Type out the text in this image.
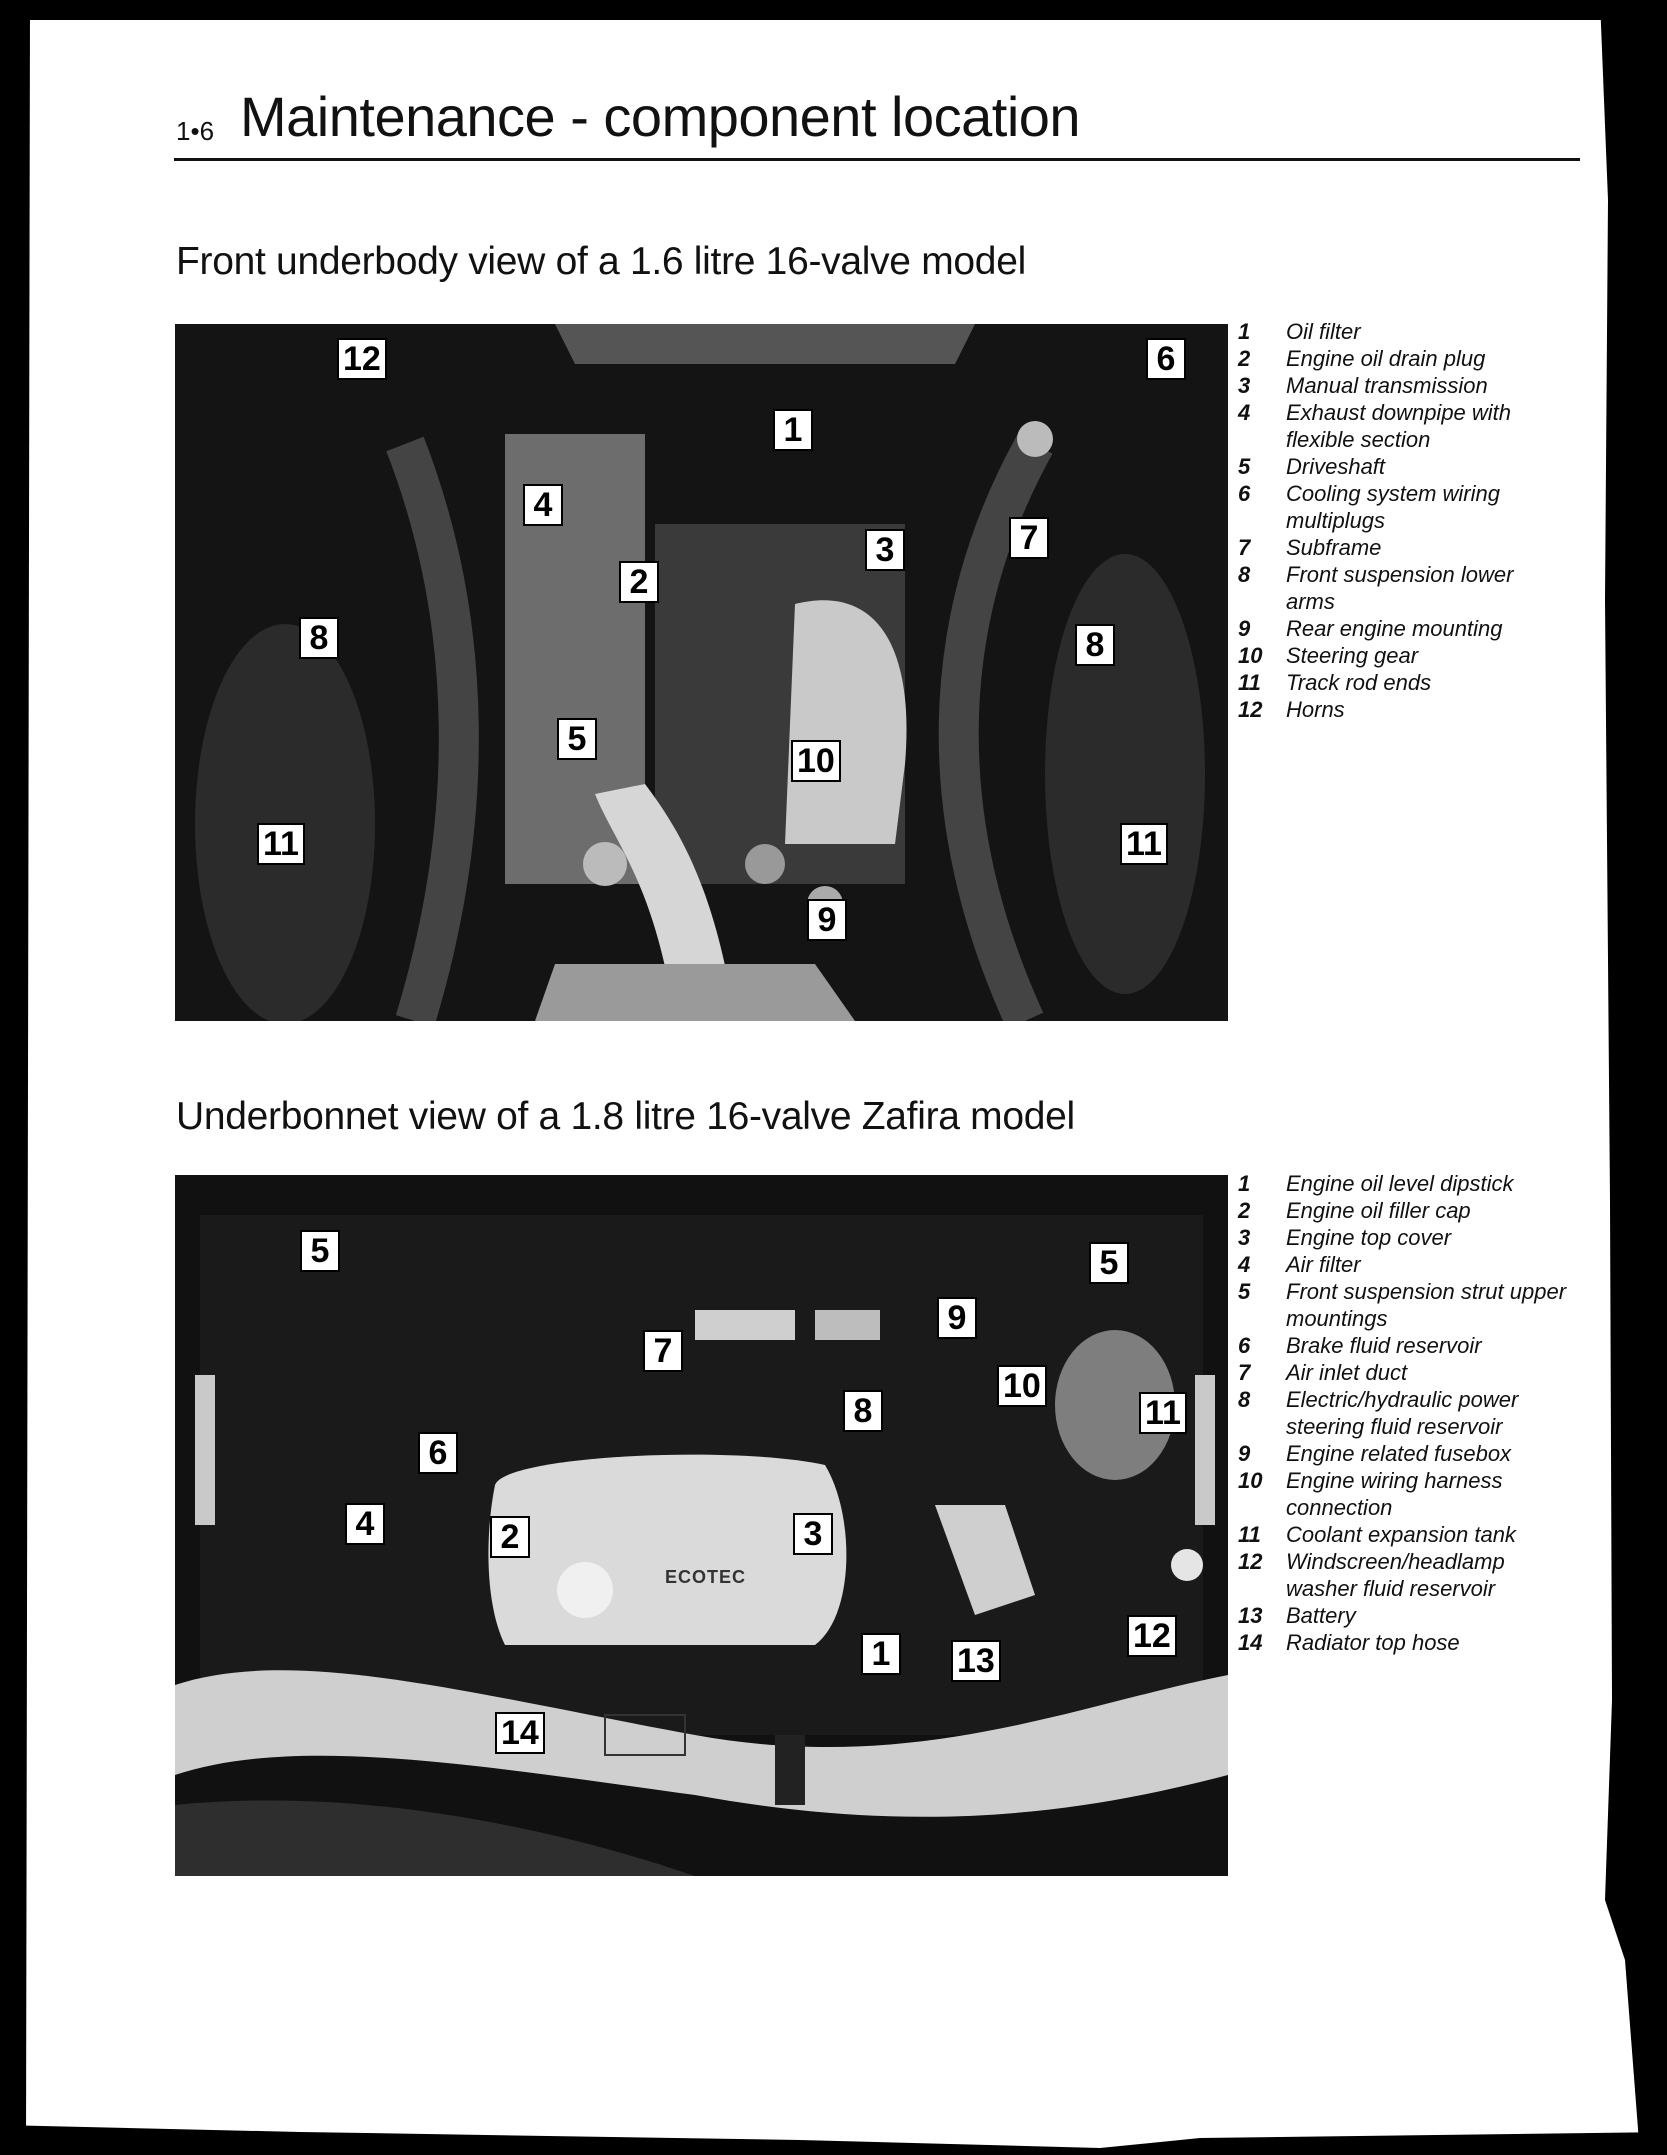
1•6 Maintenance - component location
Front underbody view of a 1.6 litre 16-valve model
12	6
1
4
7
3
2
8	8
5
10
11	11
9
1	Oil filter
2	Engine oil drain plug
3	Manual transmission
4	Exhaust downpipe with flexible section
5	Driveshaft
6	Cooling system wiring multiplugs
7	Subframe
8	Front suspension lower arms
9	Rear engine mounting
10	Steering gear
11	Track rod ends
12	Horns
Underbonnet view of a 1.8 litre 16-valve Zafira model
ECOTEC
5	5
7
9
10
8	11
6
4	2	3
1	13
12
14
1	Engine oil level dipstick
2	Engine oil filler cap
3	Engine top cover
4	Air filter
5	Front suspension strut upper mountings
6	Brake fluid reservoir
7	Air inlet duct
8	Electric/hydraulic power steering fluid reservoir
9	Engine related fusebox
10	Engine wiring harness connection
11	Coolant expansion tank
12	Windscreen/headlamp washer fluid reservoir
13	Battery
14	Radiator top hose
